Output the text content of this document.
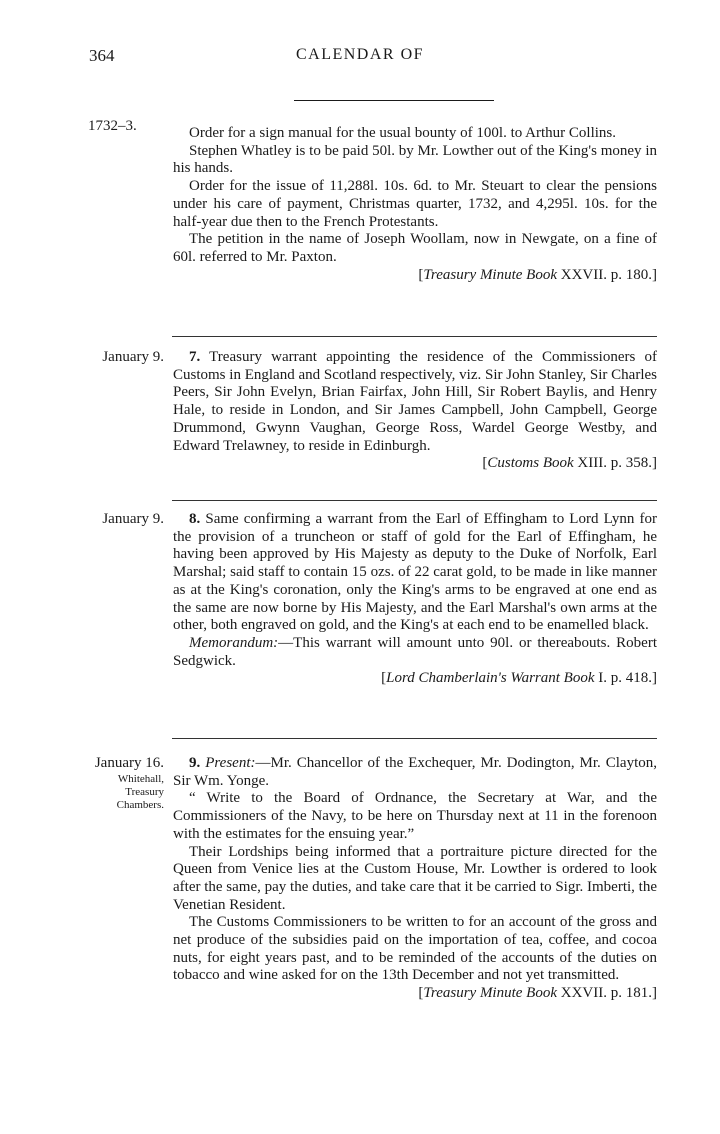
364	CALENDAR OF
1732–3.	Order for a sign manual for the usual bounty of 100l. to Arthur Collins.

Stephen Whatley is to be paid 50l. by Mr. Lowther out of the King's money in his hands.

Order for the issue of 11,288l. 10s. 6d. to Mr. Steuart to clear the pensions under his care of payment, Christmas quarter, 1732, and 4,295l. 10s. for the half-year due then to the French Protestants.

The petition in the name of Joseph Woollam, now in Newgate, on a fine of 60l. referred to Mr. Paxton.

[Treasury Minute Book XXVII. p. 180.]

January 9.	7. Treasury warrant appointing the residence of the Commissioners of Customs in England and Scotland respectively, viz. Sir John Stanley, Sir Charles Peers, Sir John Evelyn, Brian Fairfax, John Hill, Sir Robert Baylis, and Henry Hale, to reside in London, and Sir James Campbell, John Campbell, George Drummond, Gwynn Vaughan, George Ross, Wardel George Westby, and Edward Trelawney, to reside in Edinburgh.

[Customs Book XIII. p. 358.]

January 9.	8. Same confirming a warrant from the Earl of Effingham to Lord Lynn for the provision of a truncheon or staff of gold for the Earl of Effingham, he having been approved by His Majesty as deputy to the Duke of Norfolk, Earl Marshal; said staff to contain 15 ozs. of 22 carat gold, to be made in like manner as at the King's coronation, only the King's arms to be engraved at one end as the same are now borne by His Majesty, and the Earl Marshal's own arms at the other, both engraved on gold, and the King's at each end to be enamelled black.

Memorandum:—This warrant will amount unto 90l. or thereabouts. Robert Sedgwick.

[Lord Chamberlain's Warrant Book I. p. 418.]

January 16.
Whitehall,
Treasury
Chambers.

9. Present:—Mr. Chancellor of the Exchequer, Mr. Dodington, Mr. Clayton, Sir Wm. Yonge.

“ Write to the Board of Ordnance, the Secretary at War, and the Commissioners of the Navy, to be here on Thursday next at 11 in the forenoon with the estimates for the ensuing year.”

Their Lordships being informed that a portraiture picture directed for the Queen from Venice lies at the Custom House, Mr. Lowther is ordered to look after the same, pay the duties, and take care that it be carried to Sigr. Imberti, the Venetian Resident.

The Customs Commissioners to be written to for an account of the gross and net produce of the subsidies paid on the importation of tea, coffee, and cocoa nuts, for eight years past, and to be reminded of the accounts of the duties on tobacco and wine asked for on the 13th December and not yet transmitted.

[Treasury Minute Book XXVII. p. 181.]
